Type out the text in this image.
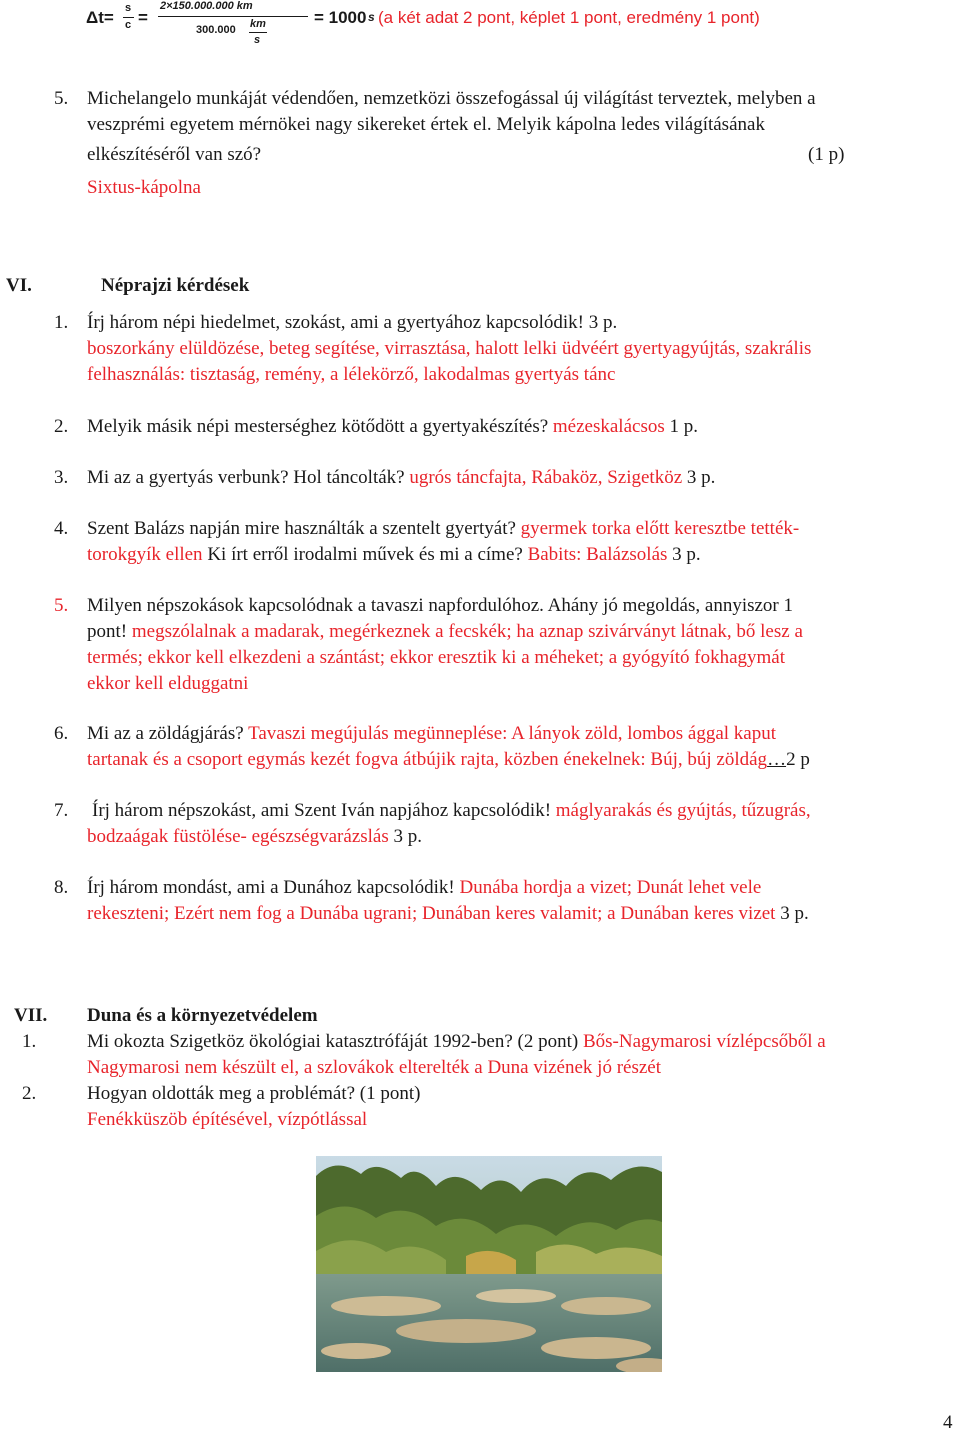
Δt= s
c =
2×150.000.000 km
300.000 km
s
= 1000 s (a két adat 2 pont, képlet 1 pont, eredmény 1 pont)
5. Michelangelo munkáját védendően, nemzetközi összefogással új világítást terveztek, melyben a
veszprémi egyetem mérnökei nagy sikereket értek el. Melyik kápolna ledes világításának
elkészítéséről van szó?	(1 p)
Sixtus-kápolna
VI.	Néprajzi kérdések
1. Írj három népi hiedelmet, szokást, ami a gyertyához kapcsolódik! 3 p.
boszorkány elüldözése, beteg segítése, virrasztása, halott lelki üdvéért gyertyagyújtás, szakrális
felhasználás: tisztaság, remény, a lélekörző, lakodalmas gyertyás tánc
2. Melyik másik népi mesterséghez kötődött a gyertyakészítés? mézeskalácsos 1 p.
3. Mi az a gyertyás verbunk? Hol táncolták? ugrós táncfajta, Rábaköz, Szigetköz 3 p.
4. Szent Balázs napján mire használták a szentelt gyertyát? gyermek torka előtt keresztbe tették-
torokgyík ellen Ki írt erről irodalmi művek és mi a címe? Babits: Balázsolás 3 p.
5. Milyen népszokások kapcsolódnak a tavaszi napfordulóhoz. Ahány jó megoldás, annyiszor 1
pont! megszólalnak a madarak, megérkeznek a fecskék; ha aznap szivárványt látnak, bő lesz a
termés; ekkor kell elkezdeni a szántást; ekkor eresztik ki a méheket; a gyógyító fokhagymát
ekkor kell elduggatni
6. Mi az a zöldágjárás? Tavaszi megújulás megünneplése: A lányok zöld, lombos ággal kaput
tartanak és a csoport egymás kezét fogva átbújik rajta, közben énekelnek: Búj, búj zöldág…2 p
7. Írj három népszokást, ami Szent Iván napjához kapcsolódik! máglyarakás és gyújtás, tűzugrás,
bodzaágak füstölése- egészségvarázslás 3 p.
8. Írj három mondást, ami a Dunához kapcsolódik! Dunába hordja a vizet; Dunát lehet vele
rekeszteni; Ezért nem fog a Dunába ugrani; Dunában keres valamit; a Dunában keres vizet 3 p.
VII. Duna és a környezetvédelem
1.	Mi okozta Szigetköz ökológiai katasztrófáját 1992-ben? (2 pont) Bős-Nagymarosi vízlépcsőből a
Nagymarosi nem készült el, a szlovákok elterelték a Duna vizének jó részét
2.	Hogyan oldották meg a problémát? (1 pont)
Fenékküszöb építésével, vízpótlással
4
